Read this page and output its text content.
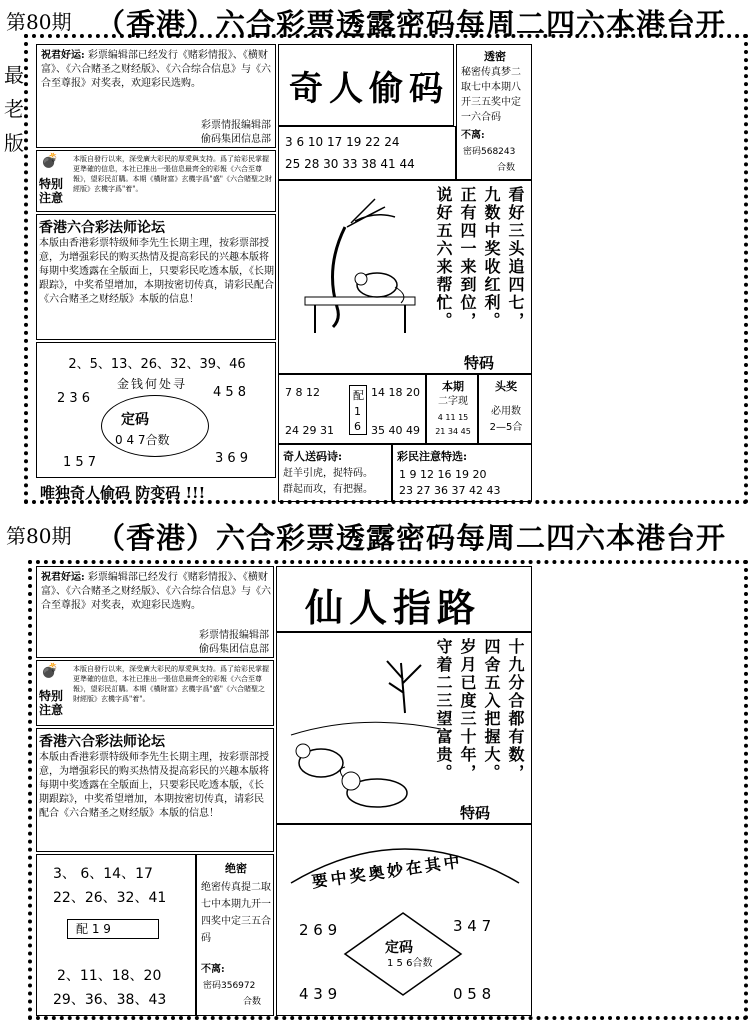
第80期 （香港）六合彩票透露密码每周二四六本港台开
最
老
版
祝君好运: 彩票编辑部已经发行《赌彩情报》、《横财富》、《六合赌圣之财经版》、《六合综合信息》与《六合至尊报》对奖表，欢迎彩民选购。
彩票情报编辑部
偷码集团信息部
💣
特别注意
本版自發行以來，深受廣大彩民的厚愛與支持。爲了給彩民掌握更準確的信息，本社已推出一張信息最齊全的彩報《六合至尊報》，望彩民訂購。本期《橫財富》玄機字爲"盛"《六合賭聖之財經版》玄機字爲"着"。
香港六合彩法师论坛
本版由香港彩票特级师李先生长期主理，按彩票部授意，为增强彩民的购买热情及提高彩民的兴趣本版将每期中奖透露在全版面上，只要彩民吃透本版，《长期跟踪》，中奖希望增加，本期按密切传真，请彩民配合《六合赌圣之财经版》本版的信息！
2、5、13、26、32、39、46
金钱何处寻
2 3 6	4 5 8
定码
0 4 7合数
1 5 7	3 6 9
唯独奇人偷码 防变码 !!!
奇人偷码
透密
秘密传真梦二取七中本期八开三五奖中定一六合码
不离:
密码568243
合数
3 6 10 17 19 22 24
25 28 30 33 38 41 44
看好三头追四七，
九数中奖收红利。
正有四一来到位，
说好五六来帮忙。
特码
7 8 12
24 29 31
配
1 6
14 18 20
35 40 49
本期
二字现
4 11 15
21 34 45
头奖
必用数
2—5合
奇人送码诗:
赶羊引虎，捉特码。
群起而攻，有把握。
彩民注意特选:
1 9 12 16 19 20
23 27 36 37 42 43
第80期 （香港）六合彩票透露密码每周二四六本港台开
祝君好运: 彩票编辑部已经发行《赌彩情报》、《横财富》、《六合赌圣之财经版》、《六合综合信息》与《六合至尊报》对奖表，欢迎彩民选购。
彩票情报编辑部
偷码集团信息部
💣
特别注意
本版自發行以來，深受廣大彩民的厚愛與支持。爲了給彩民掌握更準確的信息，本社已推出一張信息最齊全的彩報《六合至尊報》，望彩民訂購。本期《橫財富》玄機字爲"盛"《六合賭聖之財經版》玄機字爲"着"。
香港六合彩法师论坛
本版由香港彩票特级师李先生长期主理，按彩票部授意，为增强彩民的购买热情及提高彩民的兴趣本版将每期中奖透露在全版面上，只要彩民吃透本版，《长期跟踪》，中奖希望增加，本期按密切传真，请彩民配合《六合赌圣之财经版》本版的信息！
3、 6、14、17
22、26、32、41
配 1 9
2、11、18、20
29、36、38、43
绝密
绝密传真提二取七中本期九开一四奖中定三五合码
不离:
密码356972
合数
仙人指路
十九分合都有数，
四舍五入把握大。
岁月已度三十年，
守着二三望富贵。
特码
要中奖奥妙在其中
2 6 9	3 4 7
定码
1 5 6合数
4 3 9	0 5 8
